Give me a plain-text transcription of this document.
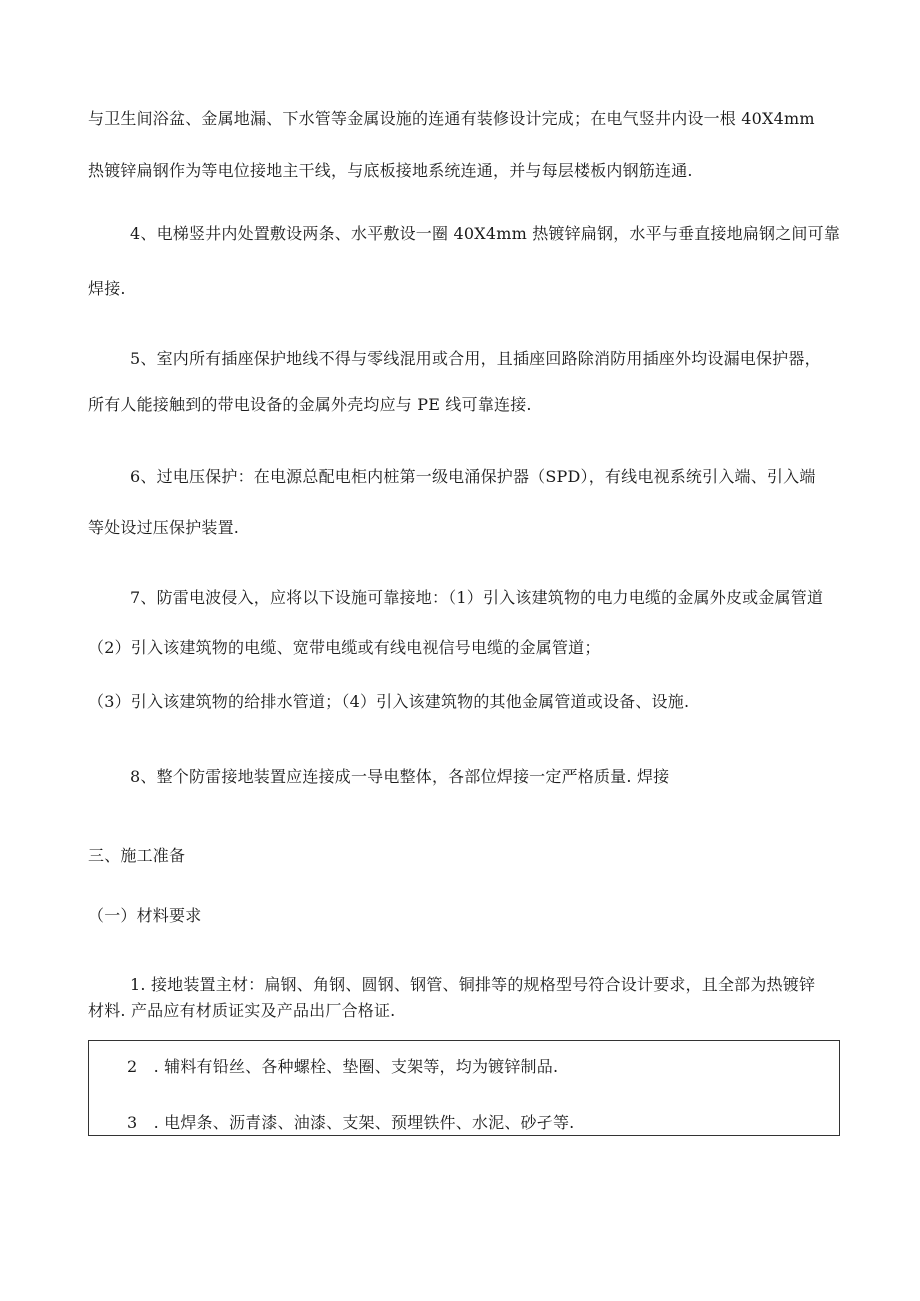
与卫生间浴盆、金属地漏、下水管等金属设施的连通有装修设计完成；在电气竖井内设一根 40X4mm
热镀锌扁钢作为等电位接地主干线，与底板接地系统连通，并与每层楼板内钢筋连通.
4、电梯竖井内处置敷设两条、水平敷设一圈 40X4mm 热镀锌扁钢，水平与垂直接地扁钢之间可靠
焊接.
5、室内所有插座保护地线不得与零线混用或合用，且插座回路除消防用插座外均设漏电保护器，
所有人能接触到的带电设备的金属外壳均应与 PE 线可靠连接.
6、过电压保护：在电源总配电柜内桩第一级电涌保护器（SPD），有线电视系统引入端、引入端
等处设过压保护装置.
7、防雷电波侵入，应将以下设施可靠接地：（1）引入该建筑物的电力电缆的金属外皮或金属管道
（2）引入该建筑物的电缆、宽带电缆或有线电视信号电缆的金属管道；
（3）引入该建筑物的给排水管道；（4）引入该建筑物的其他金属管道或设备、设施.
8、整个防雷接地装置应连接成一导电整体，各部位焊接一定严格质量. 焊接
三、施工准备
（一）材料要求
1. 接地装置主材：扁钢、角钢、圆钢、钢管、铜排等的规格型号符合设计要求，且全部为热镀锌
材料. 产品应有材质证实及产品出厂合格证.
2　. 辅料有铅丝、各种螺栓、垫圈、支架等，均为镀锌制品.
3　. 电焊条、沥青漆、油漆、支架、预埋铁件、水泥、砂孑等.
